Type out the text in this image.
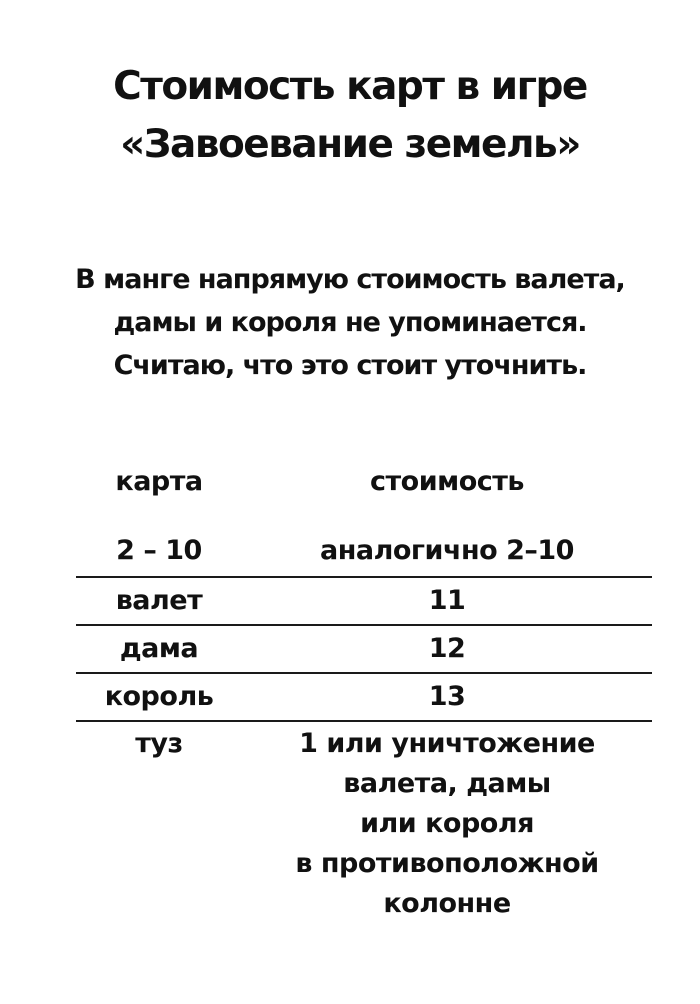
Стоимость карт в игре
«Завоевание земель»
В манге напрямую стоимость валета,
дамы и короля не упоминается.
Считаю, что это стоит уточнить.
карта	стоимость
2 – 10	аналогично 2–10
валет	11
дама	12
король	13
туз	1 или уничтожение
валета, дамы
или короля
в противоположной
колонне
